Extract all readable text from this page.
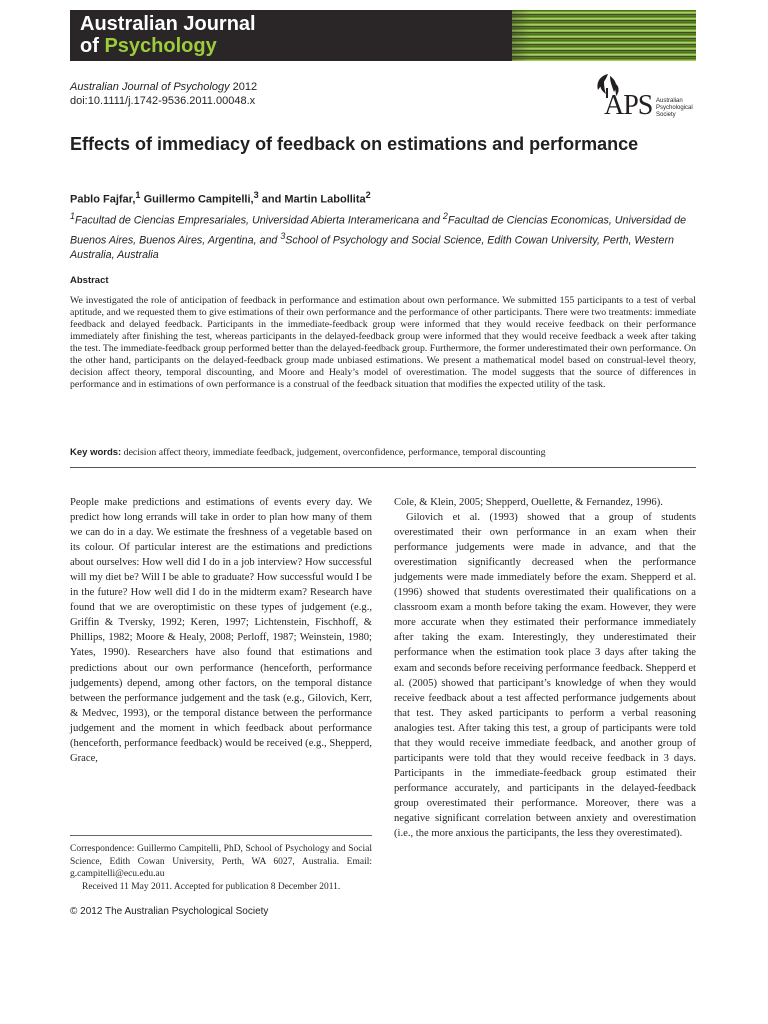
Australian Journal
of Psychology
Australian Journal of Psychology 2012
doi:10.1111/j.1742-9536.2011.00048.x	APS Australian
Psychological
Society
Effects of immediacy of feedback on estimations and performance
Pablo Fajfar,$^1$ Guillermo Campitelli,$^3$ and Martin Labollita$^2$
$^1$Facultad de Ciencias Empresariales, Universidad Abierta Interamericana and $^2$Facultad de Ciencias Economicas, Universidad de Buenos Aires, Buenos Aires, Argentina, and $^3$School of Psychology and Social Science, Edith Cowan University, Perth, Western Australia, Australia
Abstract
We investigated the role of anticipation of feedback in performance and estimation about own performance. We submitted 155 participants to a test of verbal aptitude, and we requested them to give estimations of their own performance and the performance of other participants. There were two treatments: immediate feedback and delayed feedback. Participants in the immediate-feedback group were informed that they would receive feedback on their performance immediately after finishing the test, whereas participants in the delayed-feedback group were informed that they would receive feedback a week after taking the test. The immediate-feedback group performed better than the delayed-feedback group. Furthermore, the former underestimated their own performance. On the other hand, participants on the delayed-feedback group made unbiased estimations. We present a mathematical model based on construal-level theory, decision affect theory, temporal discounting, and Moore and Healy’s model of overestimation. The model suggests that the source of differences in performance and in estimations of own performance is a construal of the feedback situation that modifies the expected utility of the task.
Key words: decision affect theory, immediate feedback, judgement, overconfidence, performance, temporal discounting

People make predictions and estimations of events every day. We predict how long errands will take in order to plan how many of them we can do in a day. We estimate the freshness of a vegetable based on its colour. Of particular interest are the estimations and predictions about ourselves: How well did I do in a job interview? How successful will my diet be? Will I be able to graduate? How successful would I be in the future? How well did I do in the midterm exam? Research have found that we are overoptimistic on these types of judgement (e.g., Griffin & Tversky, 1992; Keren, 1997; Lichtenstein, Fischhoff, & Phillips, 1982; Moore & Healy, 2008; Perloff, 1987; Weinstein, 1980; Yates, 1990). Researchers have also found that estimations and predictions about our own performance (henceforth, performance judgements) depend, among other factors, on the temporal distance between the performance judgement and the task (e.g., Gilovich, Kerr, & Medvec, 1993), or the temporal distance between the performance judgement and the moment in which feedback about performance (henceforth, performance feedback) would be received (e.g., Shepperd, Grace,

Cole, & Klein, 2005; Shepperd, Ouellette, & Fernandez, 1996).

Gilovich et al. (1993) showed that a group of students overestimated their own performance in an exam when their performance judgements were made in advance, and that the overestimation significantly decreased when the performance judgements were made immediately before the exam. Shepperd et al. (1996) showed that students overestimated their qualifications on a classroom exam a month before taking the exam. However, they were more accurate when they estimated their performance immediately after taking the exam. Interestingly, they underestimated their performance when the estimation took place 3 days after taking the exam and seconds before receiving performance feedback. Shepperd et al. (2005) showed that participant’s knowledge of when they would receive feedback about a test affected performance judgements about that test. They asked participants to perform a verbal reasoning analogies test. After taking this test, a group of participants were told that they would receive immediate feedback, and another group of participants were told that they would receive feedback in 3 days. Participants in the immediate-feedback group estimated their performance accurately, and participants in the delayed-feedback group overestimated their performance. Moreover, there was a negative significant correlation between anxiety and overestimation (i.e., the more anxious the participants, the less they overestimated).

Correspondence: Guillermo Campitelli, PhD, School of Psychology and Social Science, Edith Cowan University, Perth, WA 6027, Australia. Email: g.campitelli@ecu.edu.au

Received 11 May 2011. Accepted for publication 8 December 2011.

© 2012 The Australian Psychological Society
